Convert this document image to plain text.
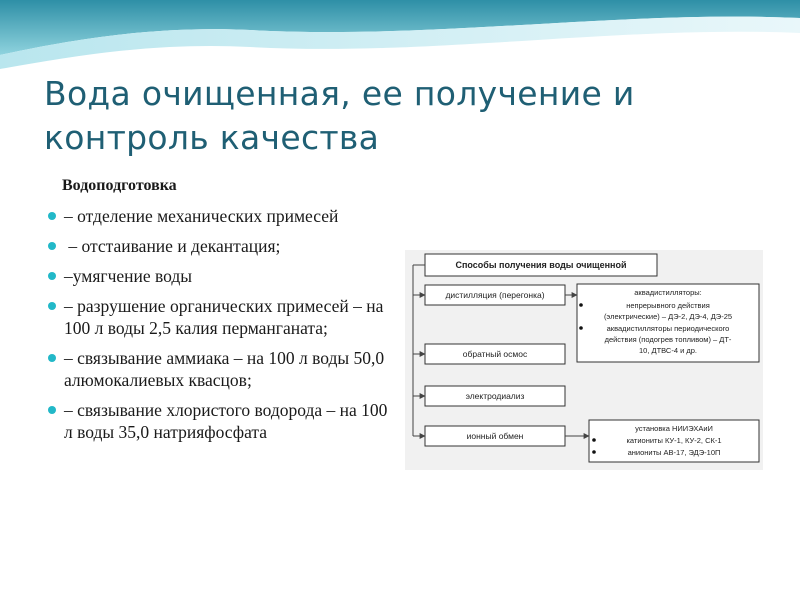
Вода очищенная, ее получение и контроль качества

Водоподготовка

– отделение механических примесей
– отстаивание и декантация;
–умягчение воды
– разрушение органических примесей – на 100 л воды 2,5 калия перманганата;
– связывание аммиака – на 100 л воды 50,0 алюмокалиевых квасцов;
– связывание хлористого водорода – на 100 л воды 35,0 натрияфосфата
Способы получения воды очищенной
дистилляция (перегонка)
обратный осмос
электродиализ
ионный обмен
аквадистилляторы:
непрерывного действия
(электрические) – ДЭ-2, ДЭ-4, ДЭ-25
аквадистилляторы периодического
действия (подогрев топливом) – ДТ-
10, ДТВС-4 и др.
установка НИИЭХАиИ
катиониты КУ-1, КУ-2, СК-1
аниониты АВ-17, ЭДЭ-10П
